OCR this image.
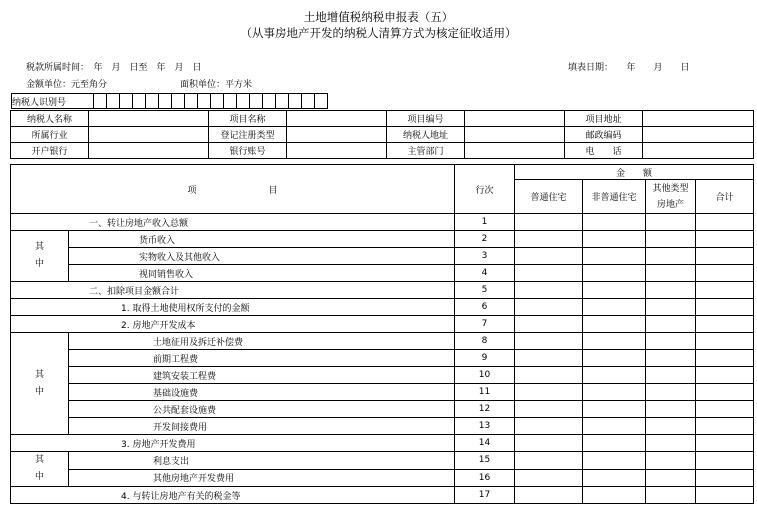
土地增值税纳税申报表（五）
（从事房地产开发的纳税人清算方式为核定征收适用）
税款所属时间：　年　月　日至　年　月　日	填表日期：　　年　　月　　日
金额单位：元至角分	面积单位：平方米
纳税人识别号																		
纳税人名称		项目名称		项目编号		项目地址	
所属行业		登记注册类型		纳税人地址		邮政编码	
开户银行		银行账号		主管部门		电　　话	
项　　　　　　　　目		行次	金　　额			
			普通住宅	非普通住宅	其他类型	合计
					房地产	
一、转让房地产收入总额		1				
其
中	货币收入	2				
	实物收入及其他收入	3				
	视同销售收入	4				
二、扣除项目金额合计		5				
1. 取得土地使用权所支付的金额		6				
2. 房地产开发成本		7				
其
中	土地征用及拆迁补偿费	8				
	前期工程费	9				
	建筑安装工程费	10				
	基础设施费	11				
	公共配套设施费	12				
	开发间接费用	13				
3. 房地产开发费用		14				
其
中	利息支出	15				
	其他房地产开发费用	16				
4. 与转让房地产有关的税金等		17				
